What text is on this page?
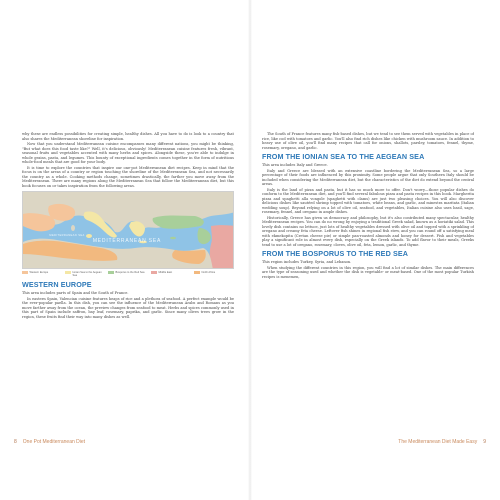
why these are endless possibilities for creating simple, healthy dishes. All you have to do is look to a country that also shares the Mediterranean shoreline for inspiration.

Now that you understand Mediterranean cuisine encompasses many different nations, you might be thinking, "But what does this food taste like?" Well, it's delicious, obviously! Mediterranean cuisine features fresh, vibrant, seasonal fruits and vegetables accented with many herbs and spices. Alongside these, you're able to indulge in whole grains, pasta, and legumes. This bounty of exceptional ingredients comes together in the form of nutritious whole-food meals that are good for your body.

It is time to explore the countries that inspire our one-pot Mediterranean diet recipes. Keep in mind that the focus is on the areas of a country or region touching the shoreline of the Mediterranean Sea, and not necessarily the country as a whole. Cooking methods change, sometimes drastically, the farther you move away from the Mediterranean. There are many regions along the Mediterranean Sea that follow the Mediterranean diet, but this book focuses on or takes inspiration from the following areas.

MEDITERRANEAN SEA
MEDITERRANEAN SEA
Western Europe	Ionian Sea to the Aegean Sea
Bosporus to the Red Sea	Middle East	North Africa
WESTERN EUROPE

This area includes parts of Spain and the South of France.

In eastern Spain, Valencian cuisine features heaps of rice and a plethora of seafood. A perfect example would be the ever-popular paella. In this dish, you can see the influence of the Mediterranean Arabs and Romans as you move farther away from the ocean, the preview changes from seafood to meat. Herbs and spices commonly used in this part of Spain include saffron, bay leaf, rosemary, paprika, and garlic. Since many olives trees grow in the region, these fruits find their way into many dishes as well.

The South of France features many fish-based dishes, but we tend to see them served with vegetables in place of rice, like cod with tomatoes and garlic. You'll also find rich dishes like chicken with mushroom sauce. In addition to heavy use of olive oil, you'll find many recipes that call for onions, shallots, parsley, tomatoes, fennel, thyme, rosemary, oregano, and garlic.

FROM THE IONIAN SEA TO THE AEGEAN SEA

This area includes Italy and Greece.

Italy and Greece are blessed with an extensive coastline bordering the Mediterranean Sea, so a large percentage of their foods are influenced by this proximity. Some people argue that only Southern Italy should be included when considering the Mediterranean diet, but the characteristics of the diet do extend beyond the central areas.

Italy is the land of pizza and pasta, but it has so much more to offer. Don't worry—those popular dishes do conform to the Mediterranean diet, and you'll find several fabulous pizza and pasta recipes in this book. Margherita pizza and spaghetti alla vongole (spaghetti with clams) are just two pleasing choices. You will also discover delicious dishes like sautéed shrimp topped with tomatoes, white beans, and garlic, and minestra maritata (Italian wedding soup). Beyond relying on a lot of olive oil, seafood, and vegetables, Italian cuisine also uses basil, sage, rosemary, fennel, and oregano in ample dishes.

Historically, Greece has given us democracy and philosophy, but it's also contributed many spectacular, healthy Mediterranean recipes. You can do no wrong by enjoying a traditional Greek salad, known as a horiatiki salad. This lovely dish contains no lettuce, just lots of healthy vegetables dressed with olive oil and topped with a sprinkling of oregano and creamy feta cheese. Leftover fish shines in regional fish stew, and you can round off a satisfying meal with ekmekopita (Cretan cheese pie) or simple pan-roasted almonds and honey for dessert. Fish and vegetables play a significant role in almost every dish, especially on the Greek islands. To add flavor to their meals, Greeks tend to use a lot of oregano, rosemary, cloves, olive oil, feta, lemon, garlic, and thyme.

FROM THE BOSPORUS TO THE RED SEA

This region includes Turkey, Syria, and Lebanon.

When studying the different countries in this region, you will find a lot of similar dishes. The main differences are the type of seasoning used and whether the dish is vegetable- or meat-based. One of the most popular Turkish recipes is menemen,

8 One Pot Mediterranean Diet	The Mediterranean Diet Made Easy 9
